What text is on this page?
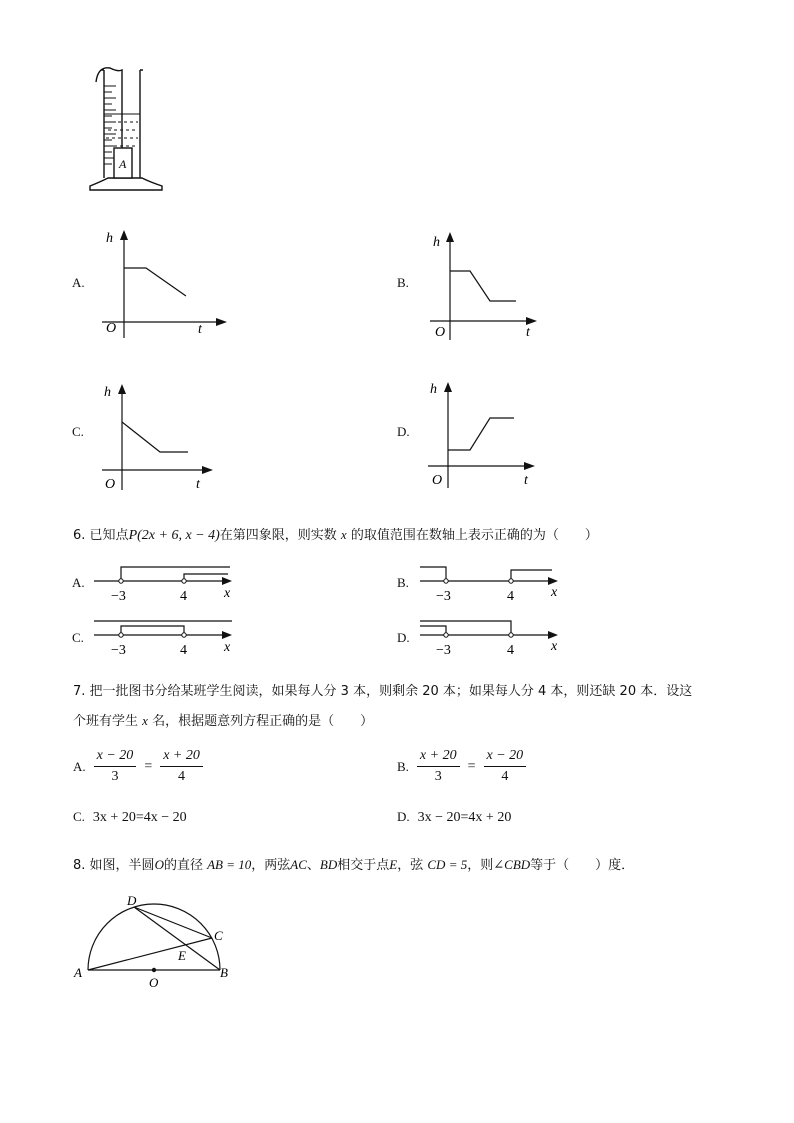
A
A.
h
t
O
B.
h
t
O
C.
h
t
O
D.
h
t
O
6. 已知点P(2x + 6, x − 4)在第四象限，则实数 x 的取值范围在数轴上表示正确的为（　　）
A.
−3	4	x
B.
−3	4	x
C.
−3	4	x
D.
−3	4	x
7. 把一批图书分给某班学生阅读，如果每人分 3 本，则剩余 20 本；如果每人分 4 本，则还缺 20 本．设这
个班有学生 x 名，根据题意列方程正确的是（　　）
A. $\frac{x - 20}{3} = \frac{x + 20}{4}$	B. $\frac{x + 20}{3} = \frac{x - 20}{4}$
C. 3x + 20=4x − 20	D. 3x − 20=4x + 20
8. 如图，半圆O的直径 AB = 10，两弦AC、BD相交于点E，弦 CD = 5，则∠CBD等于（　　）度．
A	B
C
D
E
O
